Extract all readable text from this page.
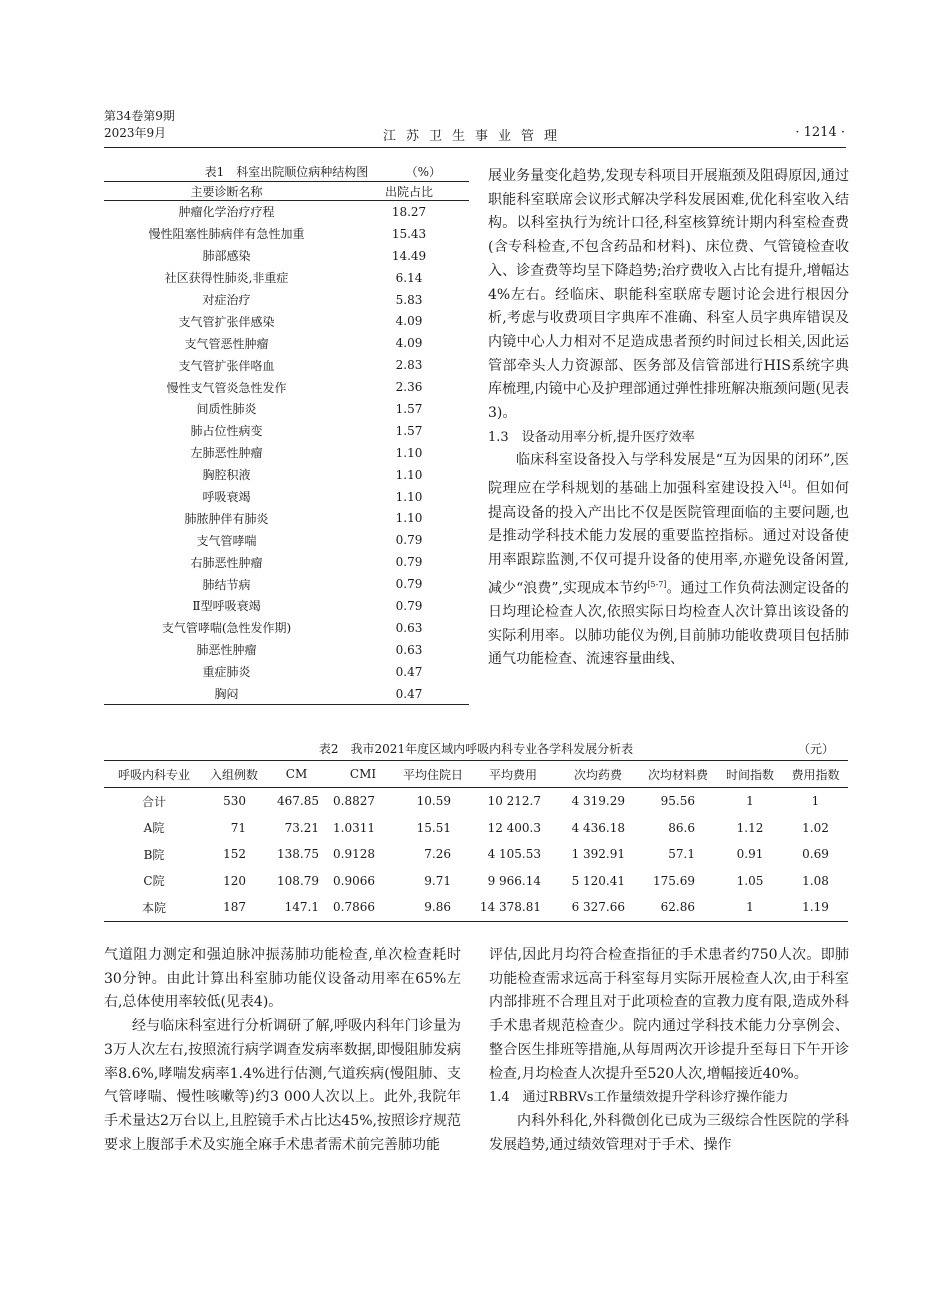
第34卷第9期
2023年9月	江苏卫生事业管理	· 1214 ·
表1　科室出院顺位病种结构图	（%）
主要诊断名称	出院占比
肿瘤化学治疗疗程	18.27
慢性阻塞性肺病伴有急性加重	15.43
肺部感染	14.49
社区获得性肺炎,非重症	6.14
对症治疗	5.83
支气管扩张伴感染	4.09
支气管恶性肿瘤	4.09
支气管扩张伴咯血	2.83
慢性支气管炎急性发作	2.36
间质性肺炎	1.57
肺占位性病变	1.57
左肺恶性肿瘤	1.10
胸腔积液	1.10
呼吸衰竭	1.10
肺脓肿伴有肺炎	1.10
支气管哮喘	0.79
右肺恶性肿瘤	0.79
肺结节病	0.79
Ⅱ型呼吸衰竭	0.79
支气管哮喘(急性发作期)	0.63
肺恶性肿瘤	0.63
重症肺炎	0.47
胸闷	0.47

展业务量变化趋势,发现专科项目开展瓶颈及阻碍原因,通过职能科室联席会议形式解决学科发展困难,优化科室收入结构。以科室执行为统计口径,科室核算统计期内科室检查费(含专科检查,不包含药品和材料)、床位费、气管镜检查收入、诊查费等均呈下降趋势;治疗费收入占比有提升,增幅达4%左右。经临床、职能科室联席专题讨论会进行根因分析,考虑与收费项目字典库不准确、科室人员字典库错误及内镜中心人力相对不足造成患者预约时间过长相关,因此运管部牵头人力资源部、医务部及信管部进行HIS系统字典库梳理,内镜中心及护理部通过弹性排班解决瓶颈问题(见表3)。

1.3　设备动用率分析,提升医疗效率

临床科室设备投入与学科发展是“互为因果的闭环”,医院理应在学科规划的基础上加强科室建设投入[4]。但如何提高设备的投入产出比不仅是医院管理面临的主要问题,也是推动学科技术能力发展的重要监控指标。通过对设备使用率跟踪监测,不仅可提升设备的使用率,亦避免设备闲置,减少“浪费”,实现成本节约[5-7]。通过工作负荷法测定设备的日均理论检查人次,依照实际日均检查人次计算出该设备的实际利用率。以肺功能仪为例,目前肺功能收费项目包括肺通气功能检查、流速容量曲线、

表2　我市2021年度区域内呼吸内科专业各学科发展分析表	（元）
呼吸内科专业	入组例数	CM	CMI	平均住院日	平均费用	次均药费	次均材料费	时间指数	费用指数
合计	530	467.85	0.8827	10.59	10 212.7	4 319.29	95.56	1	1
A院	71	73.21	1.0311	15.51	12 400.3	4 436.18	86.6	1.12	1.02
B院	152	138.75	0.9128	7.26	4 105.53	1 392.91	57.1	0.91	0.69
C院	120	108.79	0.9066	9.71	9 966.14	5 120.41	175.69	1.05	1.08
本院	187	147.1	0.7866	9.86	14 378.81	6 327.66	62.86	1	1.19

气道阻力测定和强迫脉冲振荡肺功能检查,单次检查耗时30分钟。由此计算出科室肺功能仪设备动用率在65%左右,总体使用率较低(见表4)。

经与临床科室进行分析调研了解,呼吸内科年门诊量为3万人次左右,按照流行病学调查发病率数据,即慢阻肺发病率8.6%,哮喘发病率1.4%进行估测,气道疾病(慢阻肺、支气管哮喘、慢性咳嗽等)约3 000人次以上。此外,我院年手术量达2万台以上,且腔镜手术占比达45%,按照诊疗规范要求上腹部手术及实施全麻手术患者需术前完善肺功能

评估,因此月均符合检查指征的手术患者约750人次。即肺功能检查需求远高于科室每月实际开展检查人次,由于科室内部排班不合理且对于此项检查的宣教力度有限,造成外科手术患者规范检查少。院内通过学科技术能力分享例会、整合医生排班等措施,从每周两次开诊提升至每日下午开诊检查,月均检查人次提升至520人次,增幅接近40%。

1.4　通过RBRVs工作量绩效提升学科诊疗操作能力

内科外科化,外科微创化已成为三级综合性医院的学科发展趋势,通过绩效管理对于手术、操作
